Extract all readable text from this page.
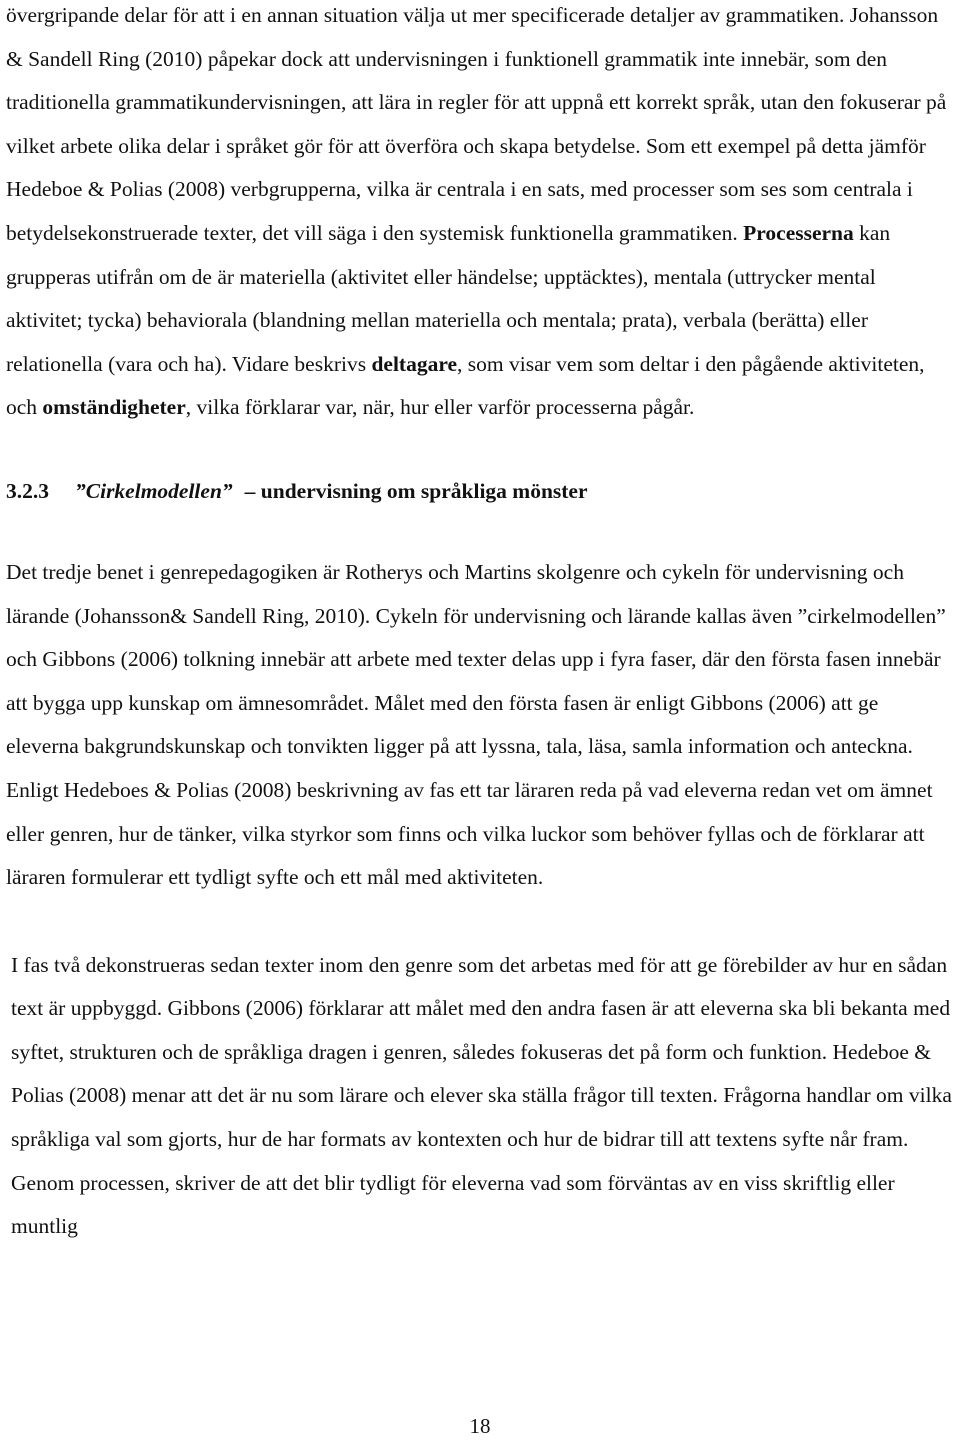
övergripande delar för att i en annan situation välja ut mer specificerade detaljer av grammatiken. Johansson & Sandell Ring (2010) påpekar dock att undervisningen i funktionell grammatik inte innebär, som den traditionella grammatikundervisningen, att lära in regler för att uppnå ett korrekt språk, utan den fokuserar på vilket arbete olika delar i språket gör för att överföra och skapa betydelse. Som ett exempel på detta jämför Hedeboe & Polias (2008) verbgrupperna, vilka är centrala i en sats, med processer som ses som centrala i betydelsekonstruerade texter, det vill säga i den systemisk funktionella grammatiken. Processerna kan grupperas utifrån om de är materiella (aktivitet eller händelse; upptäcktes), mentala (uttrycker mental aktivitet; tycka) behaviorala (blandning mellan materiella och mentala; prata), verbala (berätta) eller relationella (vara och ha). Vidare beskrivs deltagare, som visar vem som deltar i den pågående aktiviteten, och omständigheter, vilka förklarar var, när, hur eller varför processerna pågår.

3.2.3 ”Cirkelmodellen” – undervisning om språkliga mönster

Det tredje benet i genrepedagogiken är Rotherys och Martins skolgenre och cykeln för undervisning och lärande (Johansson& Sandell Ring, 2010). Cykeln för undervisning och lärande kallas även ”cirkelmodellen” och Gibbons (2006) tolkning innebär att arbete med texter delas upp i fyra faser, där den första fasen innebär att bygga upp kunskap om ämnesområdet. Målet med den första fasen är enligt Gibbons (2006) att ge eleverna bakgrundskunskap och tonvikten ligger på att lyssna, tala, läsa, samla information och anteckna. Enligt Hedeboes & Polias (2008) beskrivning av fas ett tar läraren reda på vad eleverna redan vet om ämnet eller genren, hur de tänker, vilka styrkor som finns och vilka luckor som behöver fyllas och de förklarar att läraren formulerar ett tydligt syfte och ett mål med aktiviteten.

I fas två dekonstrueras sedan texter inom den genre som det arbetas med för att ge förebilder av hur en sådan text är uppbyggd. Gibbons (2006) förklarar att målet med den andra fasen är att eleverna ska bli bekanta med syftet, strukturen och de språkliga dragen i genren, således fokuseras det på form och funktion. Hedeboe & Polias (2008) menar att det är nu som lärare och elever ska ställa frågor till texten. Frågorna handlar om vilka språkliga val som gjorts, hur de har formats av kontexten och hur de bidrar till att textens syfte når fram. Genom processen, skriver de att det blir tydligt för eleverna vad som förväntas av en viss skriftlig eller muntlig

18
